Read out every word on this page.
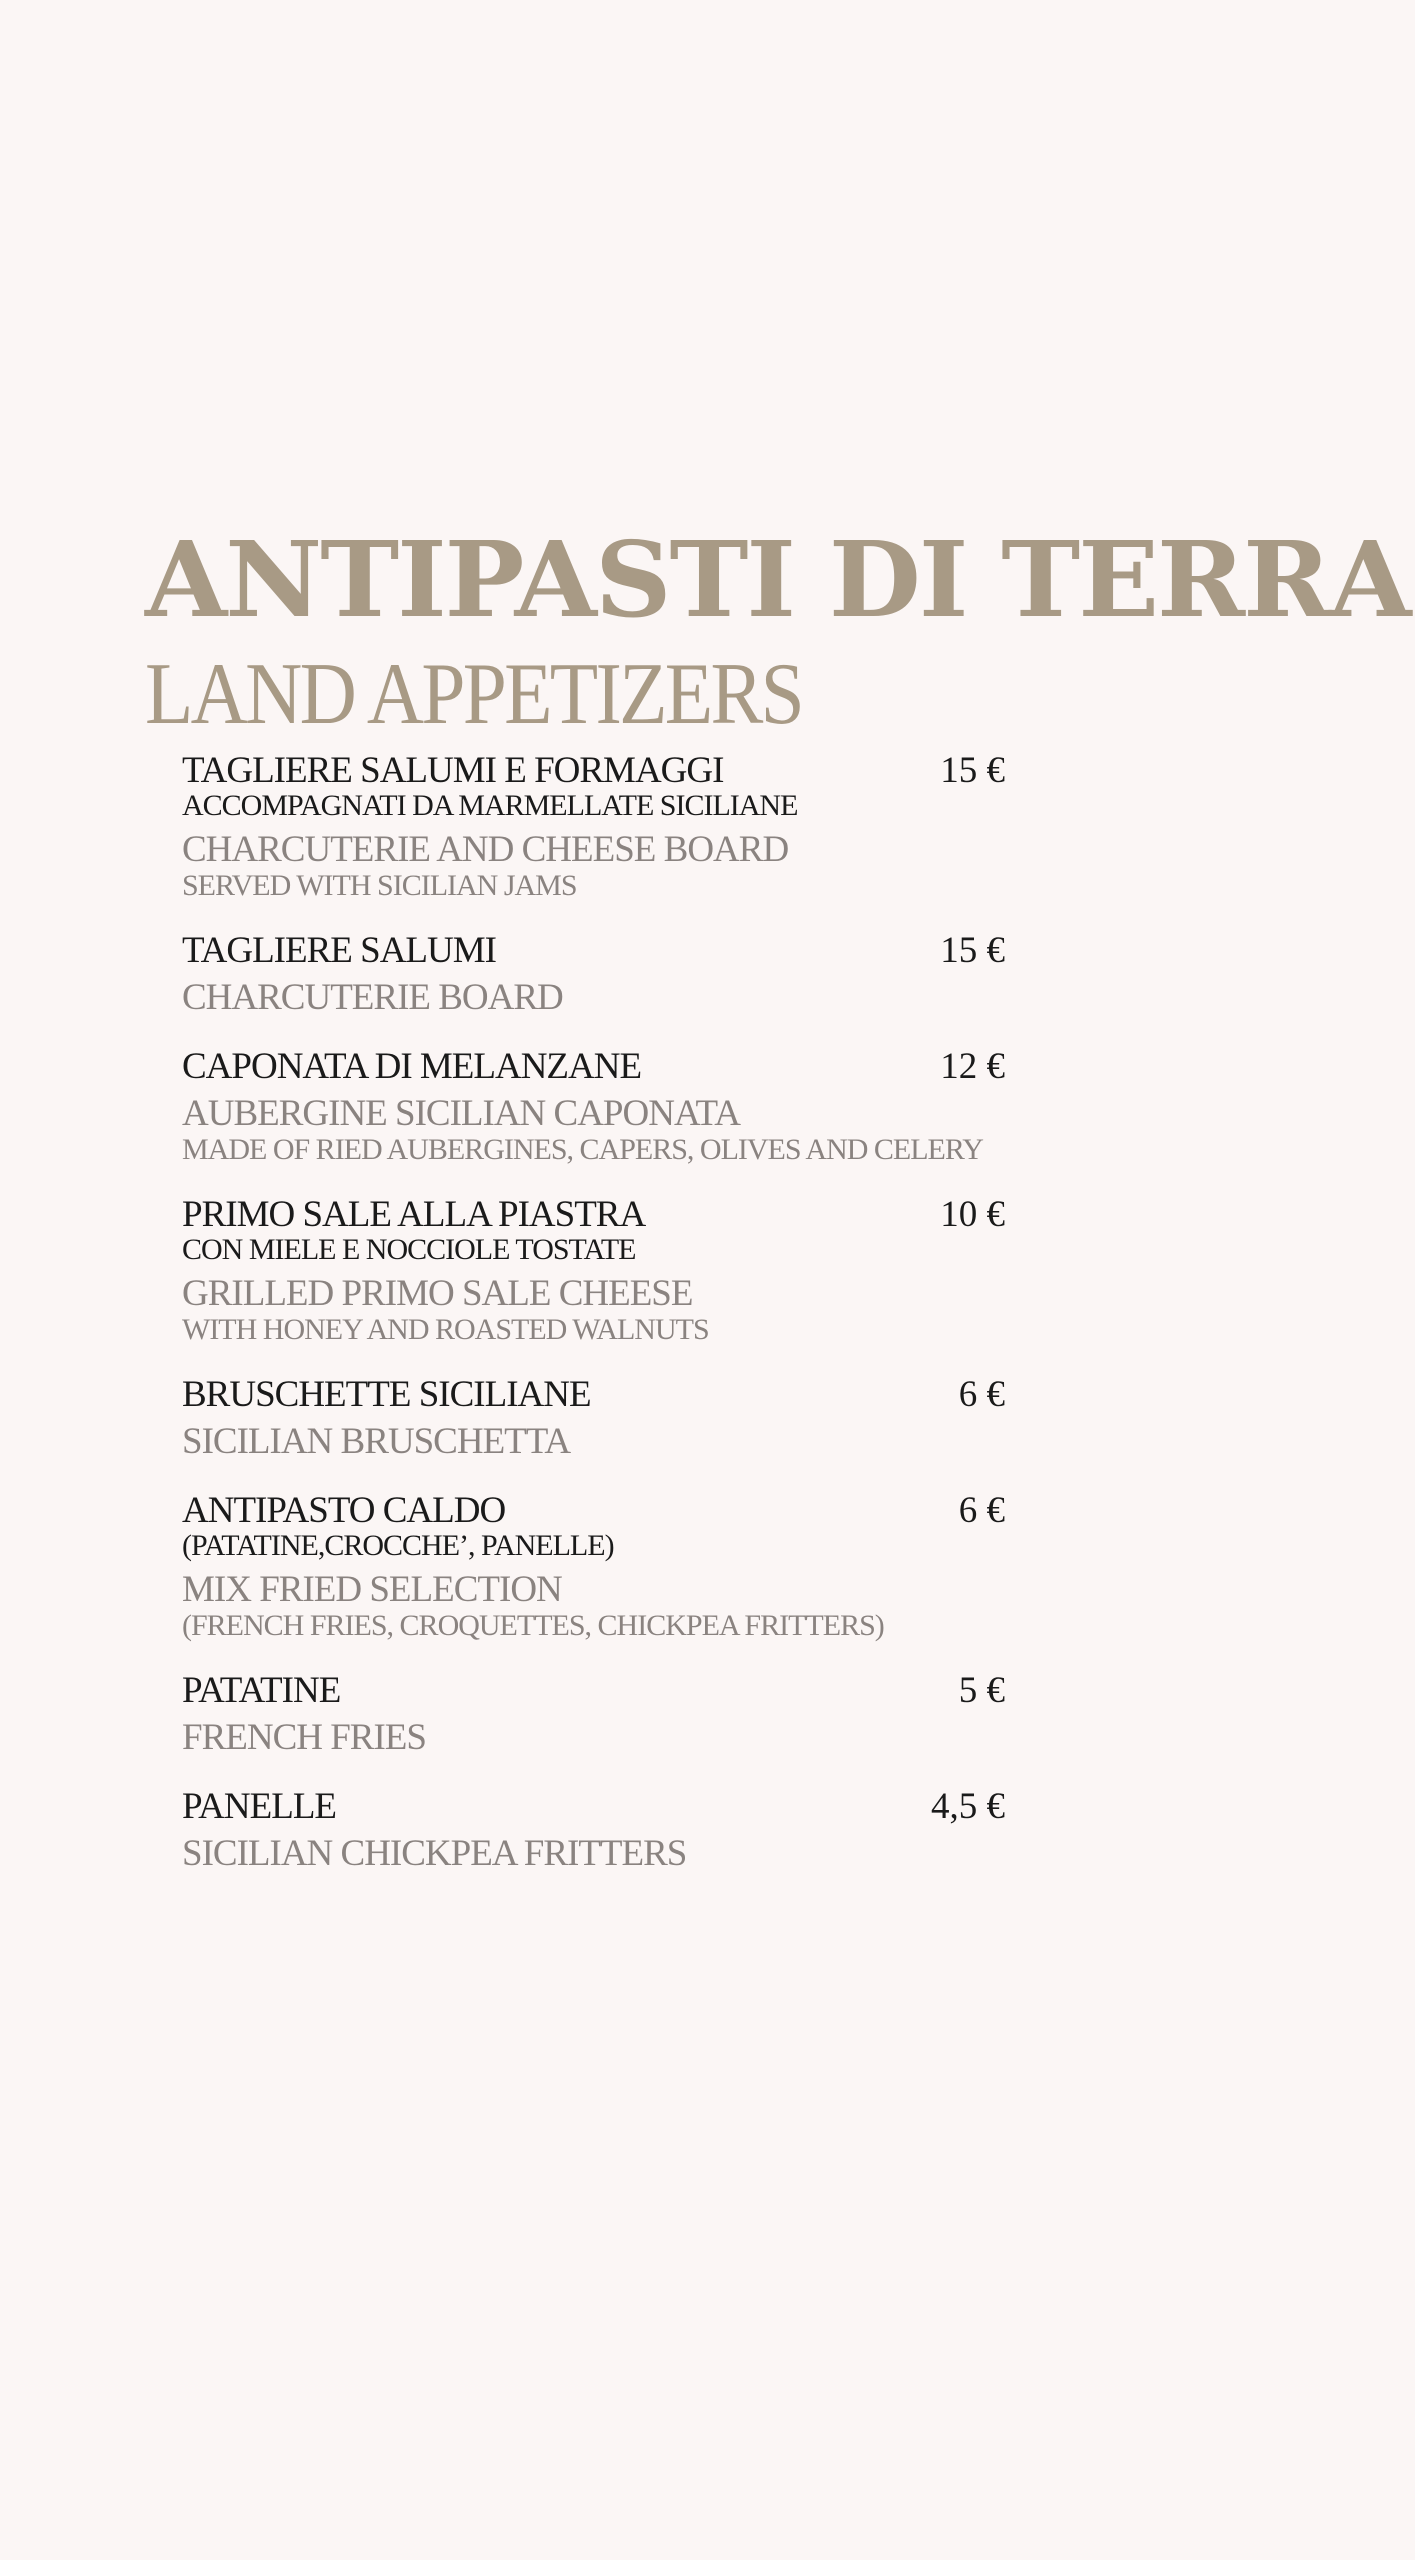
ANTIPASTI DI TERRA
LAND APPETIZERS
TAGLIERE SALUMI E FORMAGGI
ACCOMPAGNATI DA MARMELLATE SICILIANE
CHARCUTERIE AND CHEESE BOARD
SERVED WITH SICILIAN JAMS
15 €
TAGLIERE SALUMI
CHARCUTERIE BOARD
15 €
CAPONATA DI MELANZANE
AUBERGINE SICILIAN CAPONATA
MADE OF RIED AUBERGINES, CAPERS, OLIVES AND CELERY
12 €
PRIMO SALE ALLA PIASTRA
CON MIELE E NOCCIOLE TOSTATE
GRILLED PRIMO SALE CHEESE
WITH HONEY AND ROASTED WALNUTS
10 €
BRUSCHETTE SICILIANE
SICILIAN BRUSCHETTA
6 €
ANTIPASTO CALDO
(PATATINE,CROCCHE’, PANELLE)
MIX FRIED SELECTION
(FRENCH FRIES, CROQUETTES, CHICKPEA FRITTERS)
6 €
PATATINE
FRENCH FRIES
5 €
PANELLE
SICILIAN CHICKPEA FRITTERS
4,5 €
